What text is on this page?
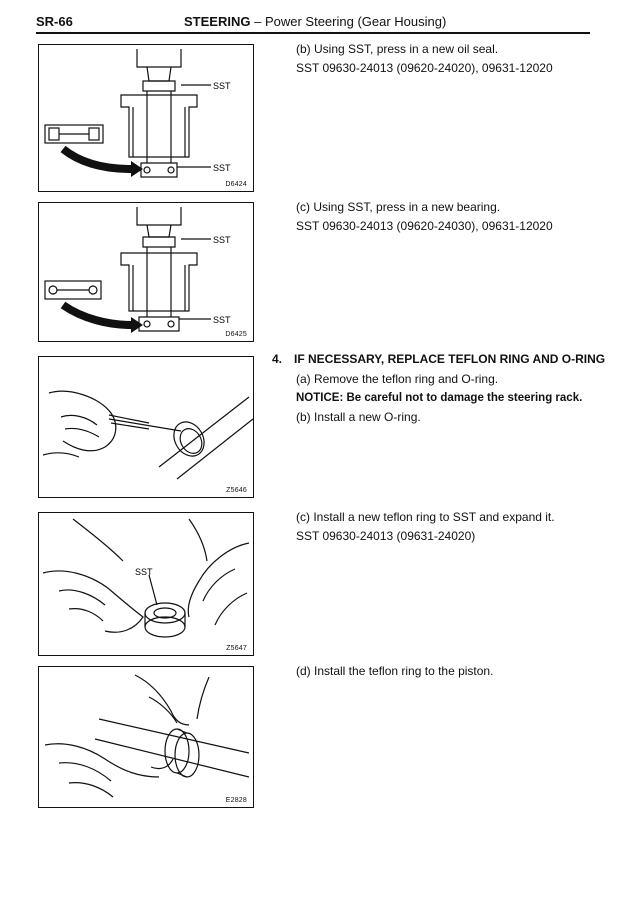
SR-66	STEERING – Power Steering (Gear Housing)
SST
SST
D6424
SST
SST
D6425
Z5646
SST
Z5647
E2828

(b) Using SST, press in a new oil seal.

SST 09630-24013 (09620-24020), 09631-12020

(c) Using SST, press in a new bearing.

SST 09630-24013 (09620-24030), 09631-12020

4. IF NECESSARY, REPLACE TEFLON RING AND O-RING

(a) Remove the teflon ring and O-ring.

NOTICE: Be careful not to damage the steering rack.

(b) Install a new O-ring.

(c) Install a new teflon ring to SST and expand it.

SST 09630-24013 (09631-24020)

(d) Install the teflon ring to the piston.
